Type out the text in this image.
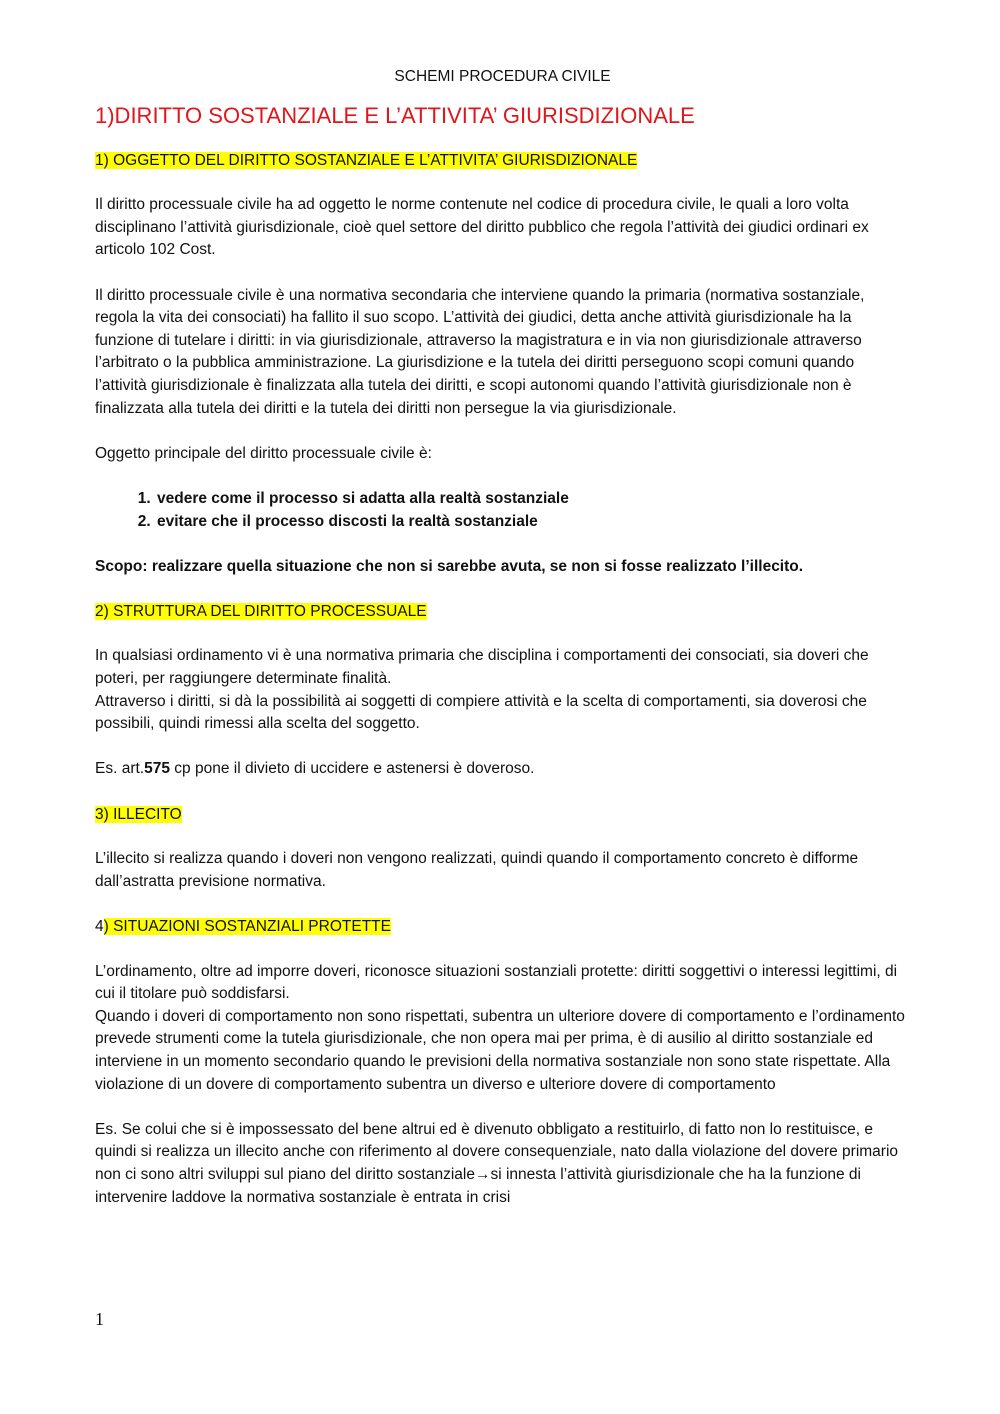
SCHEMI PROCEDURA CIVILE
1)DIRITTO SOSTANZIALE E L’ATTIVITA’ GIURISDIZIONALE
1) OGGETTO DEL DIRITTO SOSTANZIALE E L’ATTIVITA’ GIURISDIZIONALE

Il diritto processuale civile ha ad oggetto le norme contenute nel codice di procedura civile, le quali a loro volta disciplinano l’attività giurisdizionale, cioè quel settore del diritto pubblico che regola l’attività dei giudici ordinari ex articolo 102 Cost.

Il diritto processuale civile è una normativa secondaria che interviene quando la primaria (normativa sostanziale, regola la vita dei consociati) ha fallito il suo scopo. L’attività dei giudici, detta anche attività giurisdizionale ha la funzione di tutelare i diritti: in via giurisdizionale, attraverso la magistratura e in via non giurisdizionale attraverso l’arbitrato o la pubblica amministrazione. La giurisdizione e la tutela dei diritti perseguono scopi comuni quando l’attività giurisdizionale è finalizzata alla tutela dei diritti, e scopi autonomi quando l’attività giurisdizionale non è finalizzata alla tutela dei diritti e la tutela dei diritti non persegue la via giurisdizionale.

Oggetto principale del diritto processuale civile è:

1. vedere come il processo si adatta alla realtà sostanziale
2. evitare che il processo discosti la realtà sostanziale

Scopo: realizzare quella situazione che non si sarebbe avuta, se non si fosse realizzato l’illecito.

2) STRUTTURA DEL DIRITTO PROCESSUALE

In qualsiasi ordinamento vi è una normativa primaria che disciplina i comportamenti dei consociati, sia doveri che poteri, per raggiungere determinate finalità.
Attraverso i diritti, si dà la possibilità ai soggetti di compiere attività e la scelta di comportamenti, sia doverosi che possibili, quindi rimessi alla scelta del soggetto.

Es. art.575 cp pone il divieto di uccidere e astenersi è doveroso.

3) ILLECITO

L’illecito si realizza quando i doveri non vengono realizzati, quindi quando il comportamento concreto è difforme dall’astratta previsione normativa.

4) SITUAZIONI SOSTANZIALI PROTETTE

L’ordinamento, oltre ad imporre doveri, riconosce situazioni sostanziali protette: diritti soggettivi o interessi legittimi, di cui il titolare può soddisfarsi.
Quando i doveri di comportamento non sono rispettati, subentra un ulteriore dovere di comportamento e l’ordinamento prevede strumenti come la tutela giurisdizionale, che non opera mai per prima, è di ausilio al diritto sostanziale ed interviene in un momento secondario quando le previsioni della normativa sostanziale non sono state rispettate. Alla violazione di un dovere di comportamento subentra un diverso e ulteriore dovere di comportamento

Es. Se colui che si è impossessato del bene altrui ed è divenuto obbligato a restituirlo, di fatto non lo restituisce, e quindi si realizza un illecito anche con riferimento al dovere consequenziale, nato dalla violazione del dovere primario non ci sono altri sviluppi sul piano del diritto sostanziale→si innesta l’attività giurisdizionale che ha la funzione di intervenire laddove la normativa sostanziale è entrata in crisi

1
